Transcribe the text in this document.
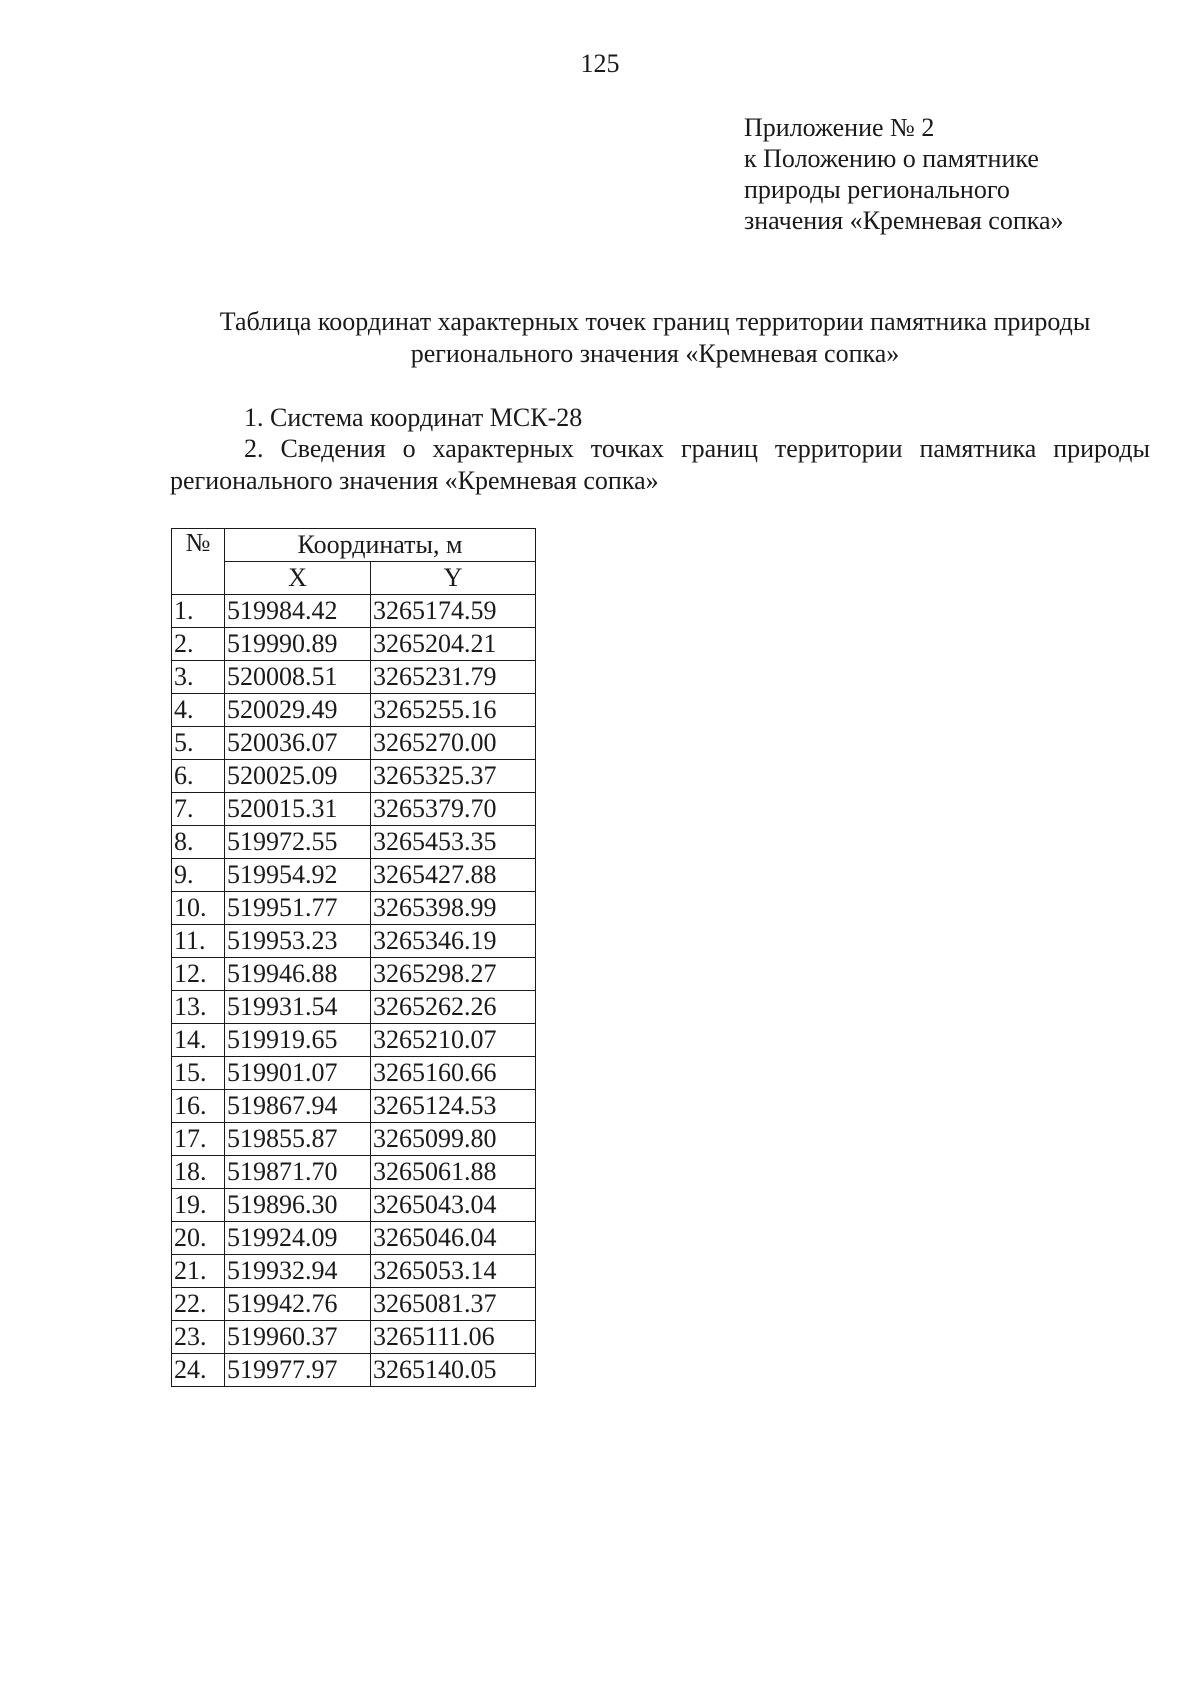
125
Приложение № 2
к Положению о памятнике
природы регионального
значения «Кремневая сопка»
Таблица координат характерных точек границ территории памятника природы
регионального значения «Кремневая сопка»
1. Система координат МСК-28
2. Сведения о характерных точках границ территории памятника природы регионального значения «Кремневая сопка»
№	Координаты, м	
	X	Y
1.	519984.42	3265174.59
2.	519990.89	3265204.21
3.	520008.51	3265231.79
4.	520029.49	3265255.16
5.	520036.07	3265270.00
6.	520025.09	3265325.37
7.	520015.31	3265379.70
8.	519972.55	3265453.35
9.	519954.92	3265427.88
10.	519951.77	3265398.99
11.	519953.23	3265346.19
12.	519946.88	3265298.27
13.	519931.54	3265262.26
14.	519919.65	3265210.07
15.	519901.07	3265160.66
16.	519867.94	3265124.53
17.	519855.87	3265099.80
18.	519871.70	3265061.88
19.	519896.30	3265043.04
20.	519924.09	3265046.04
21.	519932.94	3265053.14
22.	519942.76	3265081.37
23.	519960.37	3265111.06
24.	519977.97	3265140.05
